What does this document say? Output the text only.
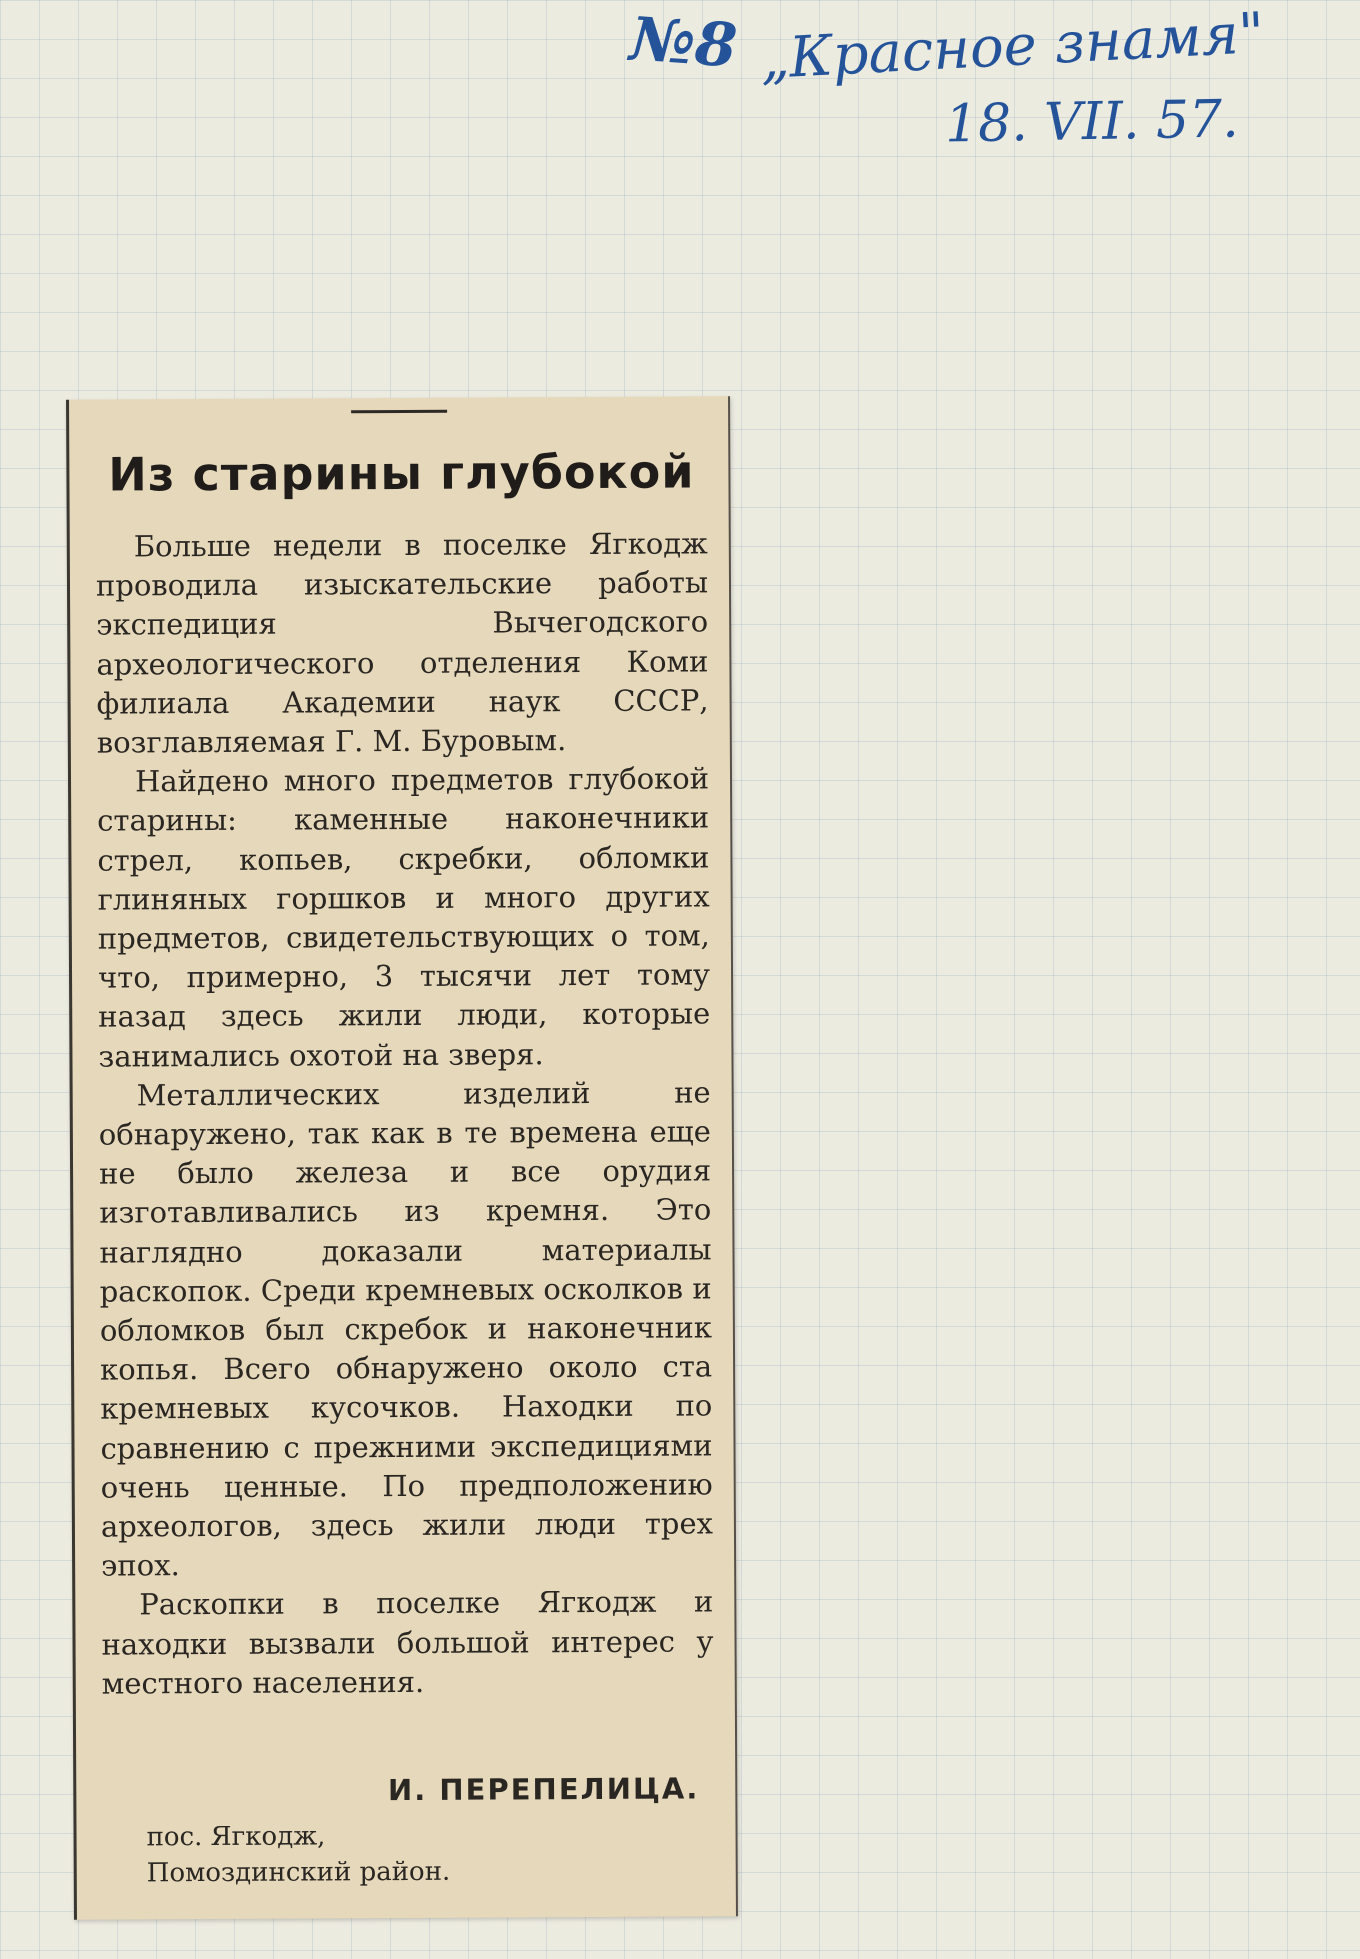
№8 „Красное знамя"
18. VII. 57.
Из старины глубокой

Больше недели в поселке Ягкодж проводила изыскательские работы экспедиция Вычегодского археологического отделения Коми филиала Академии наук СССР, возглавляемая Г. М. Буровым.

Найдено много предметов глубокой старины: каменные наконечники стрел, копьев, скребки, обломки глиняных горшков и много других предметов, свидетельствующих о том, что, примерно, 3 тысячи лет тому назад здесь жили люди, которые занимались охотой на зверя.

Металлических изделий не обнаружено, так как в те времена еще не было железа и все орудия изготавливались из кремня. Это наглядно доказали материалы раскопок. Среди кремневых осколков и обломков был скребок и наконечник копья. Всего обнаружено около ста кремневых кусочков. Находки по сравнению с прежними экспедициями очень ценные. По предположению археологов, здесь жили люди трех эпох.

Раскопки в поселке Ягкодж и находки вызвали большой интерес у местного населения.

И. ПЕРЕПЕЛИЦА.
пос. Ягкодж,
Помоздинский район.
